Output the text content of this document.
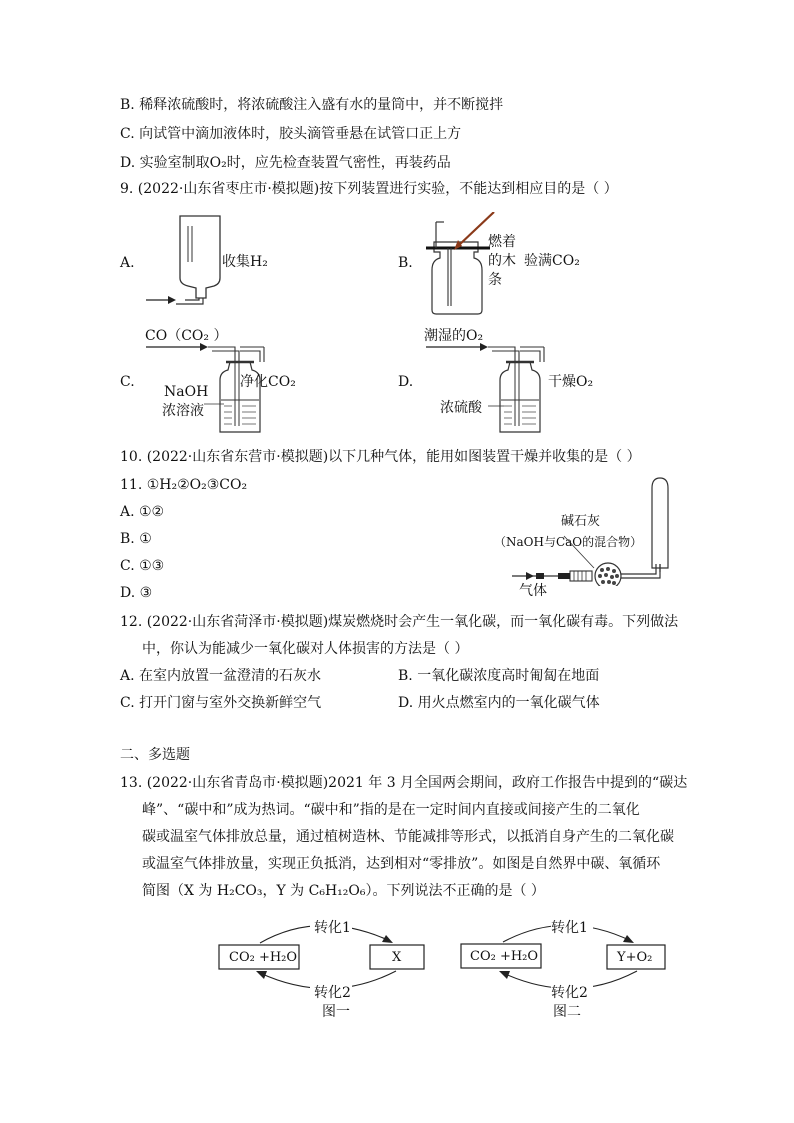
B. 稀释浓硫酸时，将浓硫酸注入盛有水的量筒中，并不断搅拌
C. 向试管中滴加液体时，胶头滴管垂悬在试管口正上方
D. 实验室制取O₂时，应先检查装置气密性，再装药品
9. (2022·山东省枣庄市·模拟题)按下列装置进行实验，不能达到相应目的是（ ）
A.	收集H₂	B.
燃着
的木 验满CO₂
条
CO（CO₂ ）
C.
NaOH
浓溶液
净化CO₂
潮湿的O₂
D.
浓硫酸
干燥O₂
10. (2022·山东省东营市·模拟题)以下几种气体，能用如图装置干燥并收集的是（ ）
11. ①H₂②O₂③CO₂
A. ①②
B. ①
C. ①③
D. ③
碱石灰
（NaOH与CaO的混合物）
气体
12. (2022·山东省菏泽市·模拟题)煤炭燃烧时会产生一氧化碳，而一氧化碳有毒。下列做法
中，你认为能减少一氧化碳对人体损害的方法是（ ）
A. 在室内放置一盆澄清的石灰水	B. 一氧化碳浓度高时匍匐在地面
C. 打开门窗与室外交换新鲜空气	D. 用火点燃室内的一氧化碳气体
二、多选题
13. (2022·山东省青岛市·模拟题)2021 年 3 月全国两会期间，政府工作报告中提到的“碳达
峰”、“碳中和”成为热词。“碳中和”指的是在一定时间内直接或间接产生的二氧化
碳或温室气体排放总量，通过植树造林、节能减排等形式，以抵消自身产生的二氧化碳
或温室气体排放量，实现正负抵消，达到相对“零排放”。如图是自然界中碳、氧循环
简图（X 为 H₂CO₃，Y 为 C₆H₁₂O₆）。下列说法不正确的是（ ）
CO₂ +H₂O	X
转化1
转化2
图一
CO₂ +H₂O	Y+O₂
转化1
转化2
图二
